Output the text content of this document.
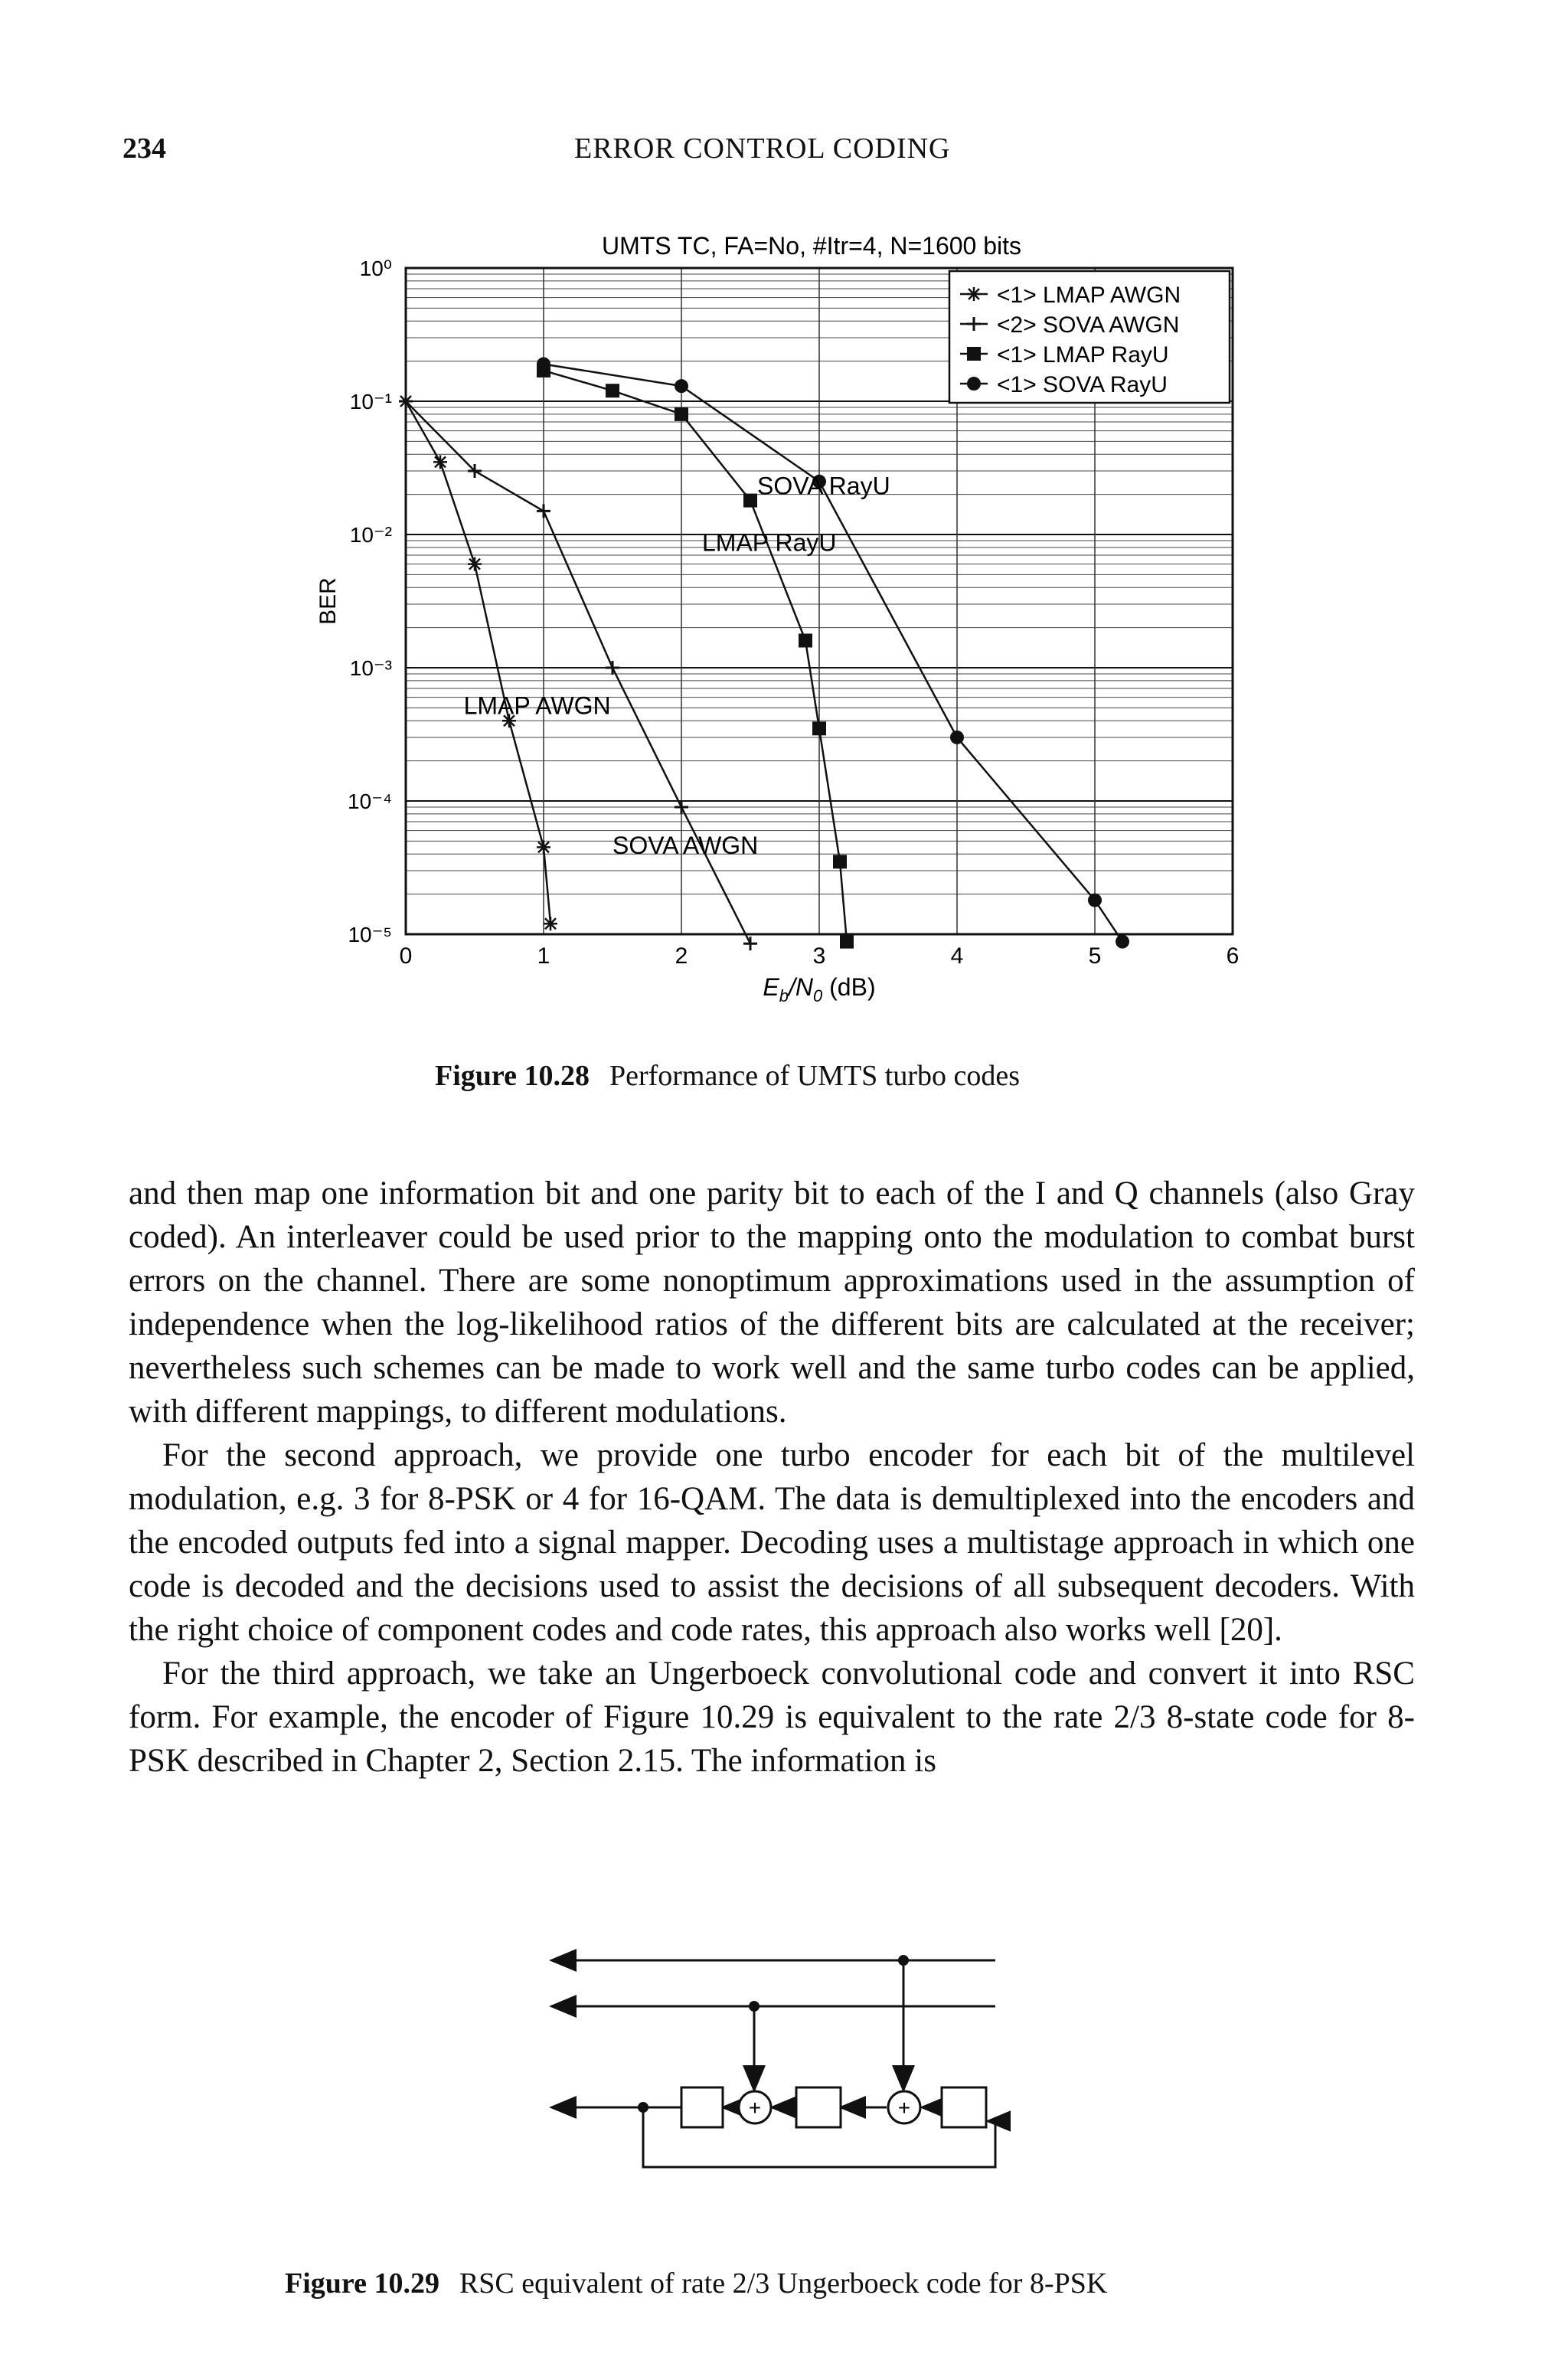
234	ERROR CONTROL CODING
UMTS TC, FA=No, #Itr=4, N=1600 bits
BER
$E_b/N_0$ (dB)
0	1	2	3	4	5	6
10⁰
10⁻¹
10⁻²
10⁻³
10⁻⁴
10⁻⁵
SOVA RayU
LMAP RayU
LMAP AWGN
SOVA AWGN
<1> LMAP AWGN
<2> SOVA AWGN
<1> LMAP RayU
<1> SOVA RayU
Figure 10.28 Performance of UMTS turbo codes

and then map one information bit and one parity bit to each of the I and Q channels (also Gray coded). An interleaver could be used prior to the mapping onto the modulation to combat burst errors on the channel. There are some nonoptimum approximations used in the assumption of independence when the log-likelihood ratios of the different bits are calculated at the receiver; nevertheless such schemes can be made to work well and the same turbo codes can be applied, with different mappings, to different modulations.

For the second approach, we provide one turbo encoder for each bit of the multilevel modulation, e.g. 3 for 8-PSK or 4 for 16-QAM. The data is demultiplexed into the encoders and the encoded outputs fed into a signal mapper. Decoding uses a multistage approach in which one code is decoded and the decisions used to assist the decisions of all subsequent decoders. With the right choice of component codes and code rates, this approach also works well [20].

For the third approach, we take an Ungerboeck convolutional code and convert it into RSC form. For example, the encoder of Figure 10.29 is equivalent to the rate 2/3 8-state code for 8-PSK described in Chapter 2, Section 2.15. The information is

+	+
Figure 10.29 RSC equivalent of rate 2/3 Ungerboeck code for 8-PSK
